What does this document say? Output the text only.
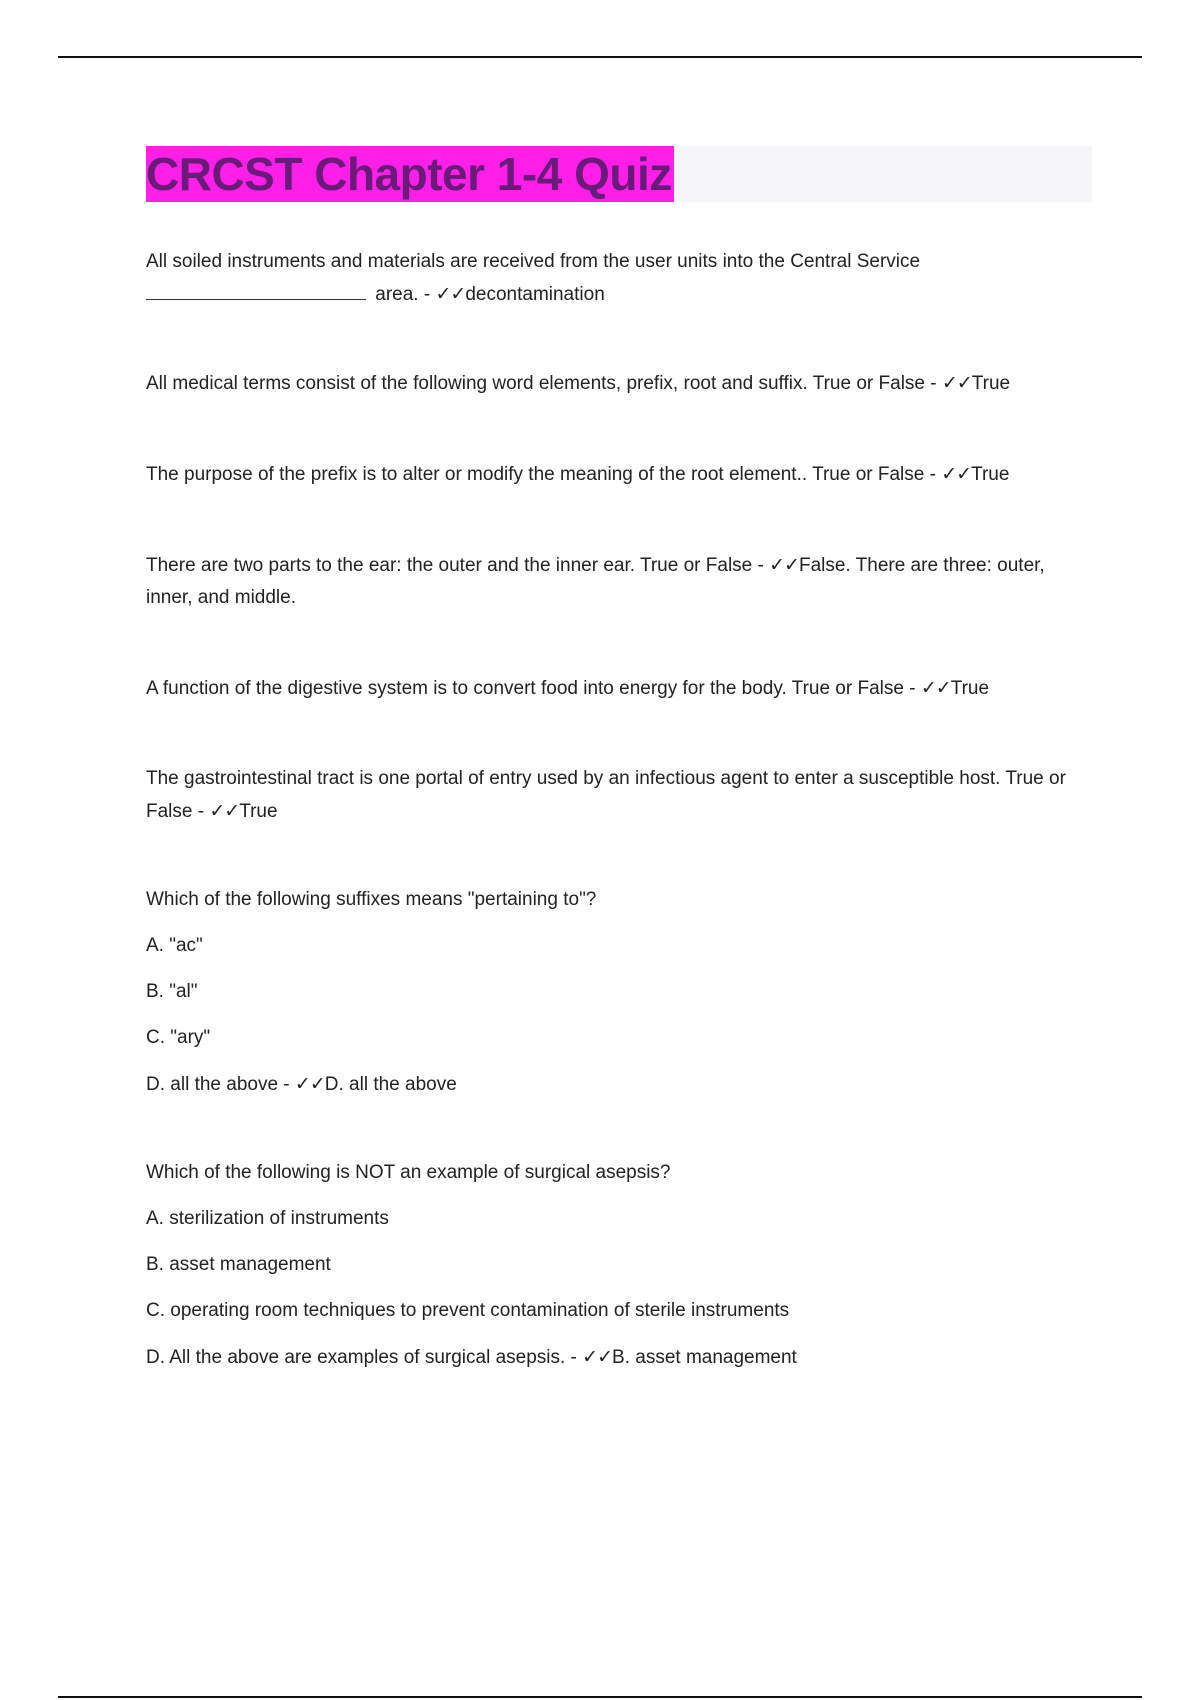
CRCST Chapter 1-4 Quiz

All soiled instruments and materials are received from the user units into the Central Service
area. - ✓✓decontamination

All medical terms consist of the following word elements, prefix, root and suffix. True or False - ✓✓True

The purpose of the prefix is to alter or modify the meaning of the root element.. True or False - ✓✓True

There are two parts to the ear: the outer and the inner ear. True or False - ✓✓False. There are three: outer, inner, and middle.

A function of the digestive system is to convert food into energy for the body. True or False - ✓✓True

The gastrointestinal tract is one portal of entry used by an infectious agent to enter a susceptible host. True or False - ✓✓True

Which of the following suffixes means "pertaining to"?

A. "ac"

B. "al"

C. "ary"

D. all the above - ✓✓D. all the above

Which of the following is NOT an example of surgical asepsis?

A. sterilization of instruments

B. asset management

C. operating room techniques to prevent contamination of sterile instruments

D. All the above are examples of surgical asepsis. - ✓✓B. asset management
